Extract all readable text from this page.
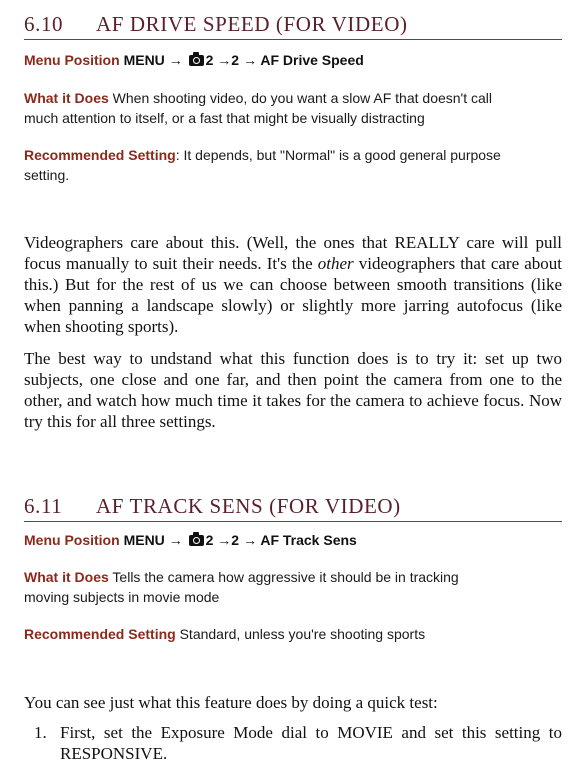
6.10 AF DRIVE SPEED (FOR VIDEO)
Menu Position MENU → 2 →2 → AF Drive Speed
What it Does When shooting video, do you want a slow AF that doesn't call
much attention to itself, or a fast that might be visually distracting
Recommended Setting: It depends, but "Normal" is a good general purpose
setting.
Videographers care about this. (Well, the ones that REALLY care will pull focus manually to suit their needs. It's the other videographers that care about this.) But for the rest of us we can choose between smooth transitions (like when panning a landscape slowly) or slightly more jarring autofocus (like when shooting sports).
The best way to undstand what this function does is to try it: set up two subjects, one close and one far, and then point the camera from one to the other, and watch how much time it takes for the camera to achieve focus. Now try this for all three settings.
6.11 AF TRACK SENS (FOR VIDEO)
Menu Position MENU → 2 →2 → AF Track Sens
What it Does Tells the camera how aggressive it should be in tracking
moving subjects in movie mode
Recommended Setting Standard, unless you're shooting sports
You can see just what this feature does by doing a quick test:
1. First, set the Exposure Mode dial to MOVIE and set this setting to RESPONSIVE.
